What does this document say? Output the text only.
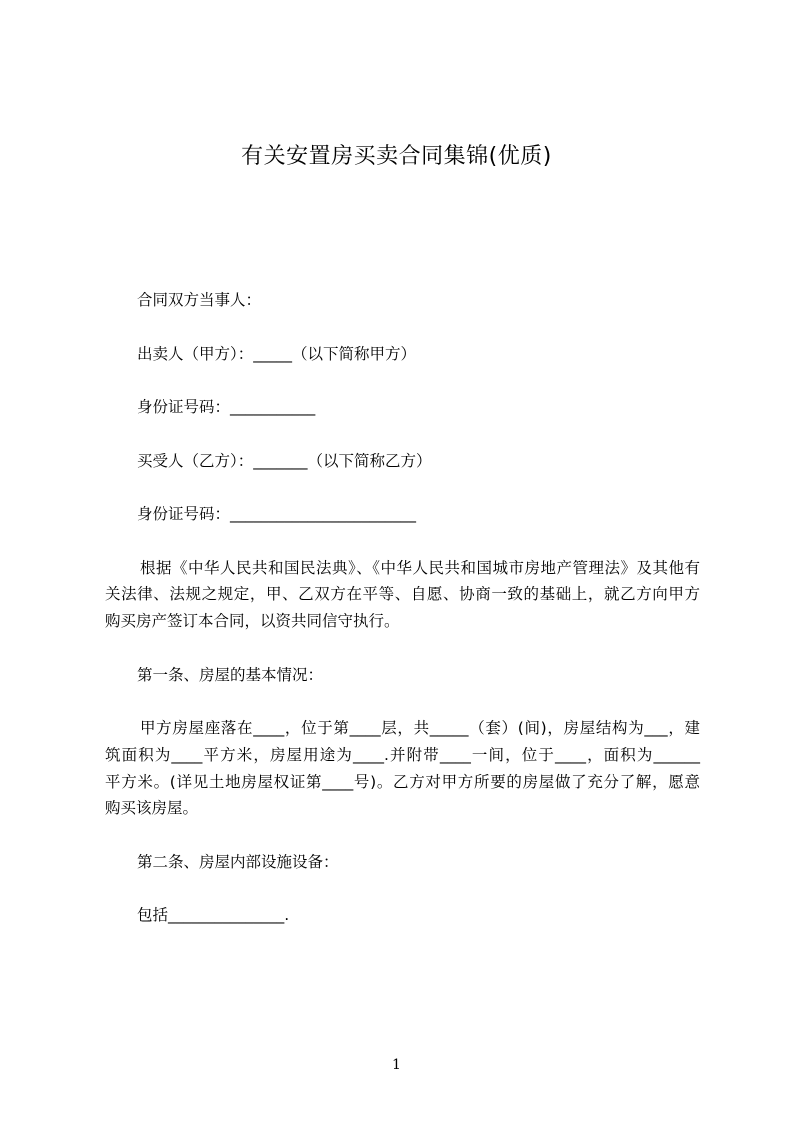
有关安置房买卖合同集锦(优质)
合同双方当事人：
出卖人（甲方）：_____（以下简称甲方）
身份证号码：___________
买受人（乙方）：_______（以下简称乙方）
身份证号码：________________________
根据《中华人民共和国民法典》、《中华人民共和国城市房地产管理法》及其他有
关法律、法规之规定，甲、乙双方在平等、自愿、协商一致的基础上，就乙方向甲方
购买房产签订本合同，以资共同信守执行。
第一条、房屋的基本情况：
甲方房屋座落在____，位于第____层，共_____（套）(间)，房屋结构为___，建
筑面积为____平方米，房屋用途为____.并附带____一间，位于____，面积为______
平方米。(详见土地房屋权证第____号)。乙方对甲方所要的房屋做了充分了解，愿意
购买该房屋。
第二条、房屋内部设施设备：
包括_______________.
1
